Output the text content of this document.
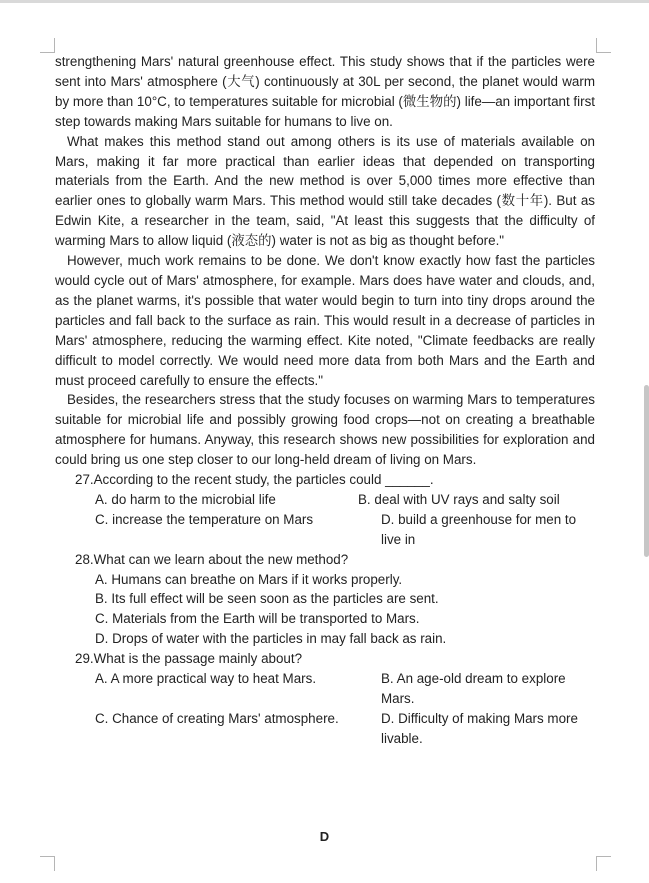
strengthening Mars' natural greenhouse effect. This study shows that if the particles were sent into Mars' atmosphere (大气) continuously at 30L per second, the planet would warm by more than 10°C, to temperatures suitable for microbial (微生物的) life—an important first step towards making Mars suitable for humans to live on.

What makes this method stand out among others is its use of materials available on Mars, making it far more practical than earlier ideas that depended on transporting materials from the Earth. And the new method is over 5,000 times more effective than earlier ones to globally warm Mars. This method would still take decades (数十年). But as Edwin Kite, a researcher in the team, said, "At least this suggests that the difficulty of warming Mars to allow liquid (液态的) water is not as big as thought before."

However, much work remains to be done. We don't know exactly how fast the particles would cycle out of Mars' atmosphere, for example. Mars does have water and clouds, and, as the planet warms, it's possible that water would begin to turn into tiny drops around the particles and fall back to the surface as rain. This would result in a decrease of particles in Mars' atmosphere, reducing the warming effect. Kite noted, "Climate feedbacks are really difficult to model correctly. We would need more data from both Mars and the Earth and must proceed carefully to ensure the effects."

Besides, the researchers stress that the study focuses on warming Mars to temperatures suitable for microbial life and possibly growing food crops—not on creating a breathable atmosphere for humans. Anyway, this research shows new possibilities for exploration and could bring us one step closer to our long-held dream of living on Mars.

27.According to the recent study, the particles could ______.

A. do harm to the microbial life	B. deal with UV rays and salty soil
C. increase the temperature on Mars	D. build a greenhouse for men to live in

28.What can we learn about the new method?

A. Humans can breathe on Mars if it works properly.
B. Its full effect will be seen soon as the particles are sent.
C. Materials from the Earth will be transported to Mars.
D. Drops of water with the particles in may fall back as rain.

29.What is the passage mainly about?

A. A more practical way to heat Mars.	B. An age-old dream to explore Mars.
C. Chance of creating Mars' atmosphere.	D. Difficulty of making Mars more livable.
D
